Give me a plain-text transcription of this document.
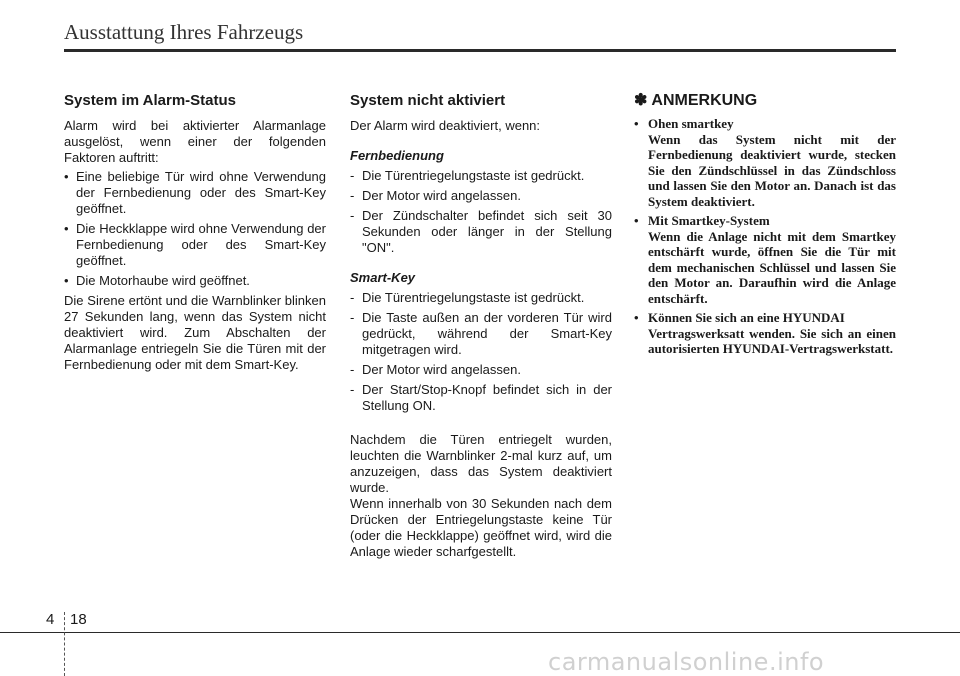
Ausstattung Ihres Fahrzeugs
System im Alarm-Status

Alarm wird bei aktivierter Alarmanlage ausgelöst, wenn einer der folgenden Faktoren auftritt:

• Eine beliebige Tür wird ohne Verwendung der Fernbedienung oder des Smart-Key geöffnet.
• Die Heckklappe wird ohne Verwendung der Fernbedienung oder des Smart-Key geöffnet.
• Die Motorhaube wird geöffnet.

Die Sirene ertönt und die Warnblinker blinken 27 Sekunden lang, wenn das System nicht deaktiviert wird. Zum Abschalten der Alarmanlage entriegeln Sie die Türen mit der Fernbedienung oder mit dem Smart-Key.

System nicht aktiviert

Der Alarm wird deaktiviert, wenn:

Fernbedienung
- Die Türentriegelungstaste ist gedrückt.
- Der Motor wird angelassen.
- Der Zündschalter befindet sich seit 30 Sekunden oder länger in der Stellung "ON".
Smart-Key
- Die Türentriegelungstaste ist gedrückt.
- Die Taste außen an der vorderen Tür wird gedrückt, während der Smart-Key mitgetragen wird.
- Der Motor wird angelassen.
- Der Start/Stop-Knopf befindet sich in der Stellung ON.

Nachdem die Türen entriegelt wurden, leuchten die Warnblinker 2-mal kurz auf, um anzuzeigen, dass das System deaktiviert wurde.

Wenn innerhalb von 30 Sekunden nach dem Drücken der Entriegelungstaste keine Tür (oder die Heckklappe) geöffnet wird, wird die Anlage wieder scharfgestellt.

✽ ANMERKUNG
• Ohen smartkey
Wenn das System nicht mit der Fernbedienung deaktiviert wurde, stecken Sie den Zündschlüssel in das Zündschloss und lassen Sie den Motor an. Danach ist das System deaktiviert.
• Mit Smartkey-System
Wenn die Anlage nicht mit dem Smartkey entschärft wurde, öffnen Sie die Tür mit dem mechanischen Schlüssel und lassen Sie den Motor an. Daraufhin wird die Anlage entschärft.
• Können Sie sich an eine HYUNDAI
Vertragswerksatt wenden. Sie sich an einen autorisierten HYUNDAI-Vertragswerkstatt.
4 18
carmanualsonline.info
